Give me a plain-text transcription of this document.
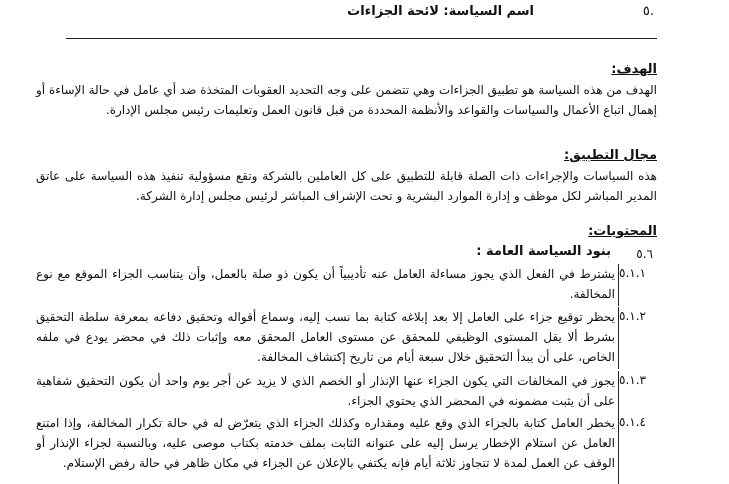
اسم السياسة: لائحة الجزاءات	٥.
الهدف:
الهدف من هذه السياسة هو تطبيق الجزاءات وهي تتضمن على وجه التحديد العقوبات المتخذة ضد أي عامل في حالة الإساءة أو إهمال اتباع الأعمال والسياسات والقواعد والأنظمة المحددة من قبل قانون العمل وتعليمات رئيس مجلس الإدارة.
مجال التطبيق:
هذه السياسات والإجراءات ذات الصلة قابلة للتطبيق على كل العاملين بالشركة وتقع مسؤولية تنفيذ هذه السياسة على عاتق المدير المباشر لكل موظف و إدارة الموارد البشرية و تحت الإشراف المباشر لرئيس مجلس إدارة الشركة.
المحتويات:
٥.٦
بنود السياسة العامة :
٥.١.١
يشترط في الفعل الذي يجوز مساءلة العامل عنه تأديبياً أن يكون ذو صلة بالعمل، وأن يتناسب الجزاء الموقع مع نوع المخالفة.
٥.١.٢
يحظر توقيع جزاء على العامل إلا بعد إبلاغه كتابة بما نسب إليه، وسماع أقواله وتحقيق دفاعه بمعرفة سلطة التحقيق بشرط ألا يقل المستوى الوظيفي للمحقق عن مستوى العامل المحقق معه وإثبات ذلك في محضر يودع في ملفه الخاص، على أن يبدأ التحقيق خلال سبعة أيام من تاريخ إكتشاف المخالفة.
٥.١.٣
يجوز في المخالفات التي يكون الجزاء عنها الإنذار أو الخصم الذي لا يزيد عن أجر يوم واحد أن يكون التحقيق شفاهية على أن يثبت مضمونه في المحضر الذي يحتوي الجزاء.
٥.١.٤
يخطر العامل كتابة بالجزاء الذي وقع عليه ومقداره وكذلك الجزاء الذي يتعرّض له في حالة تكرار المخالفة، وإذا امتنع العامل عن استلام الإخطار يرسل إليه على عنوانه الثابت بملف خدمته بكتاب موصى عليه، وبالنسبة لجزاء الإنذار أو الوقف عن العمل لمدة لا تتجاوز ثلاثة أيام فإنه يكتفي بالإعلان عن الجزاء في مكان ظاهر في حالة رفض الإستلام.
